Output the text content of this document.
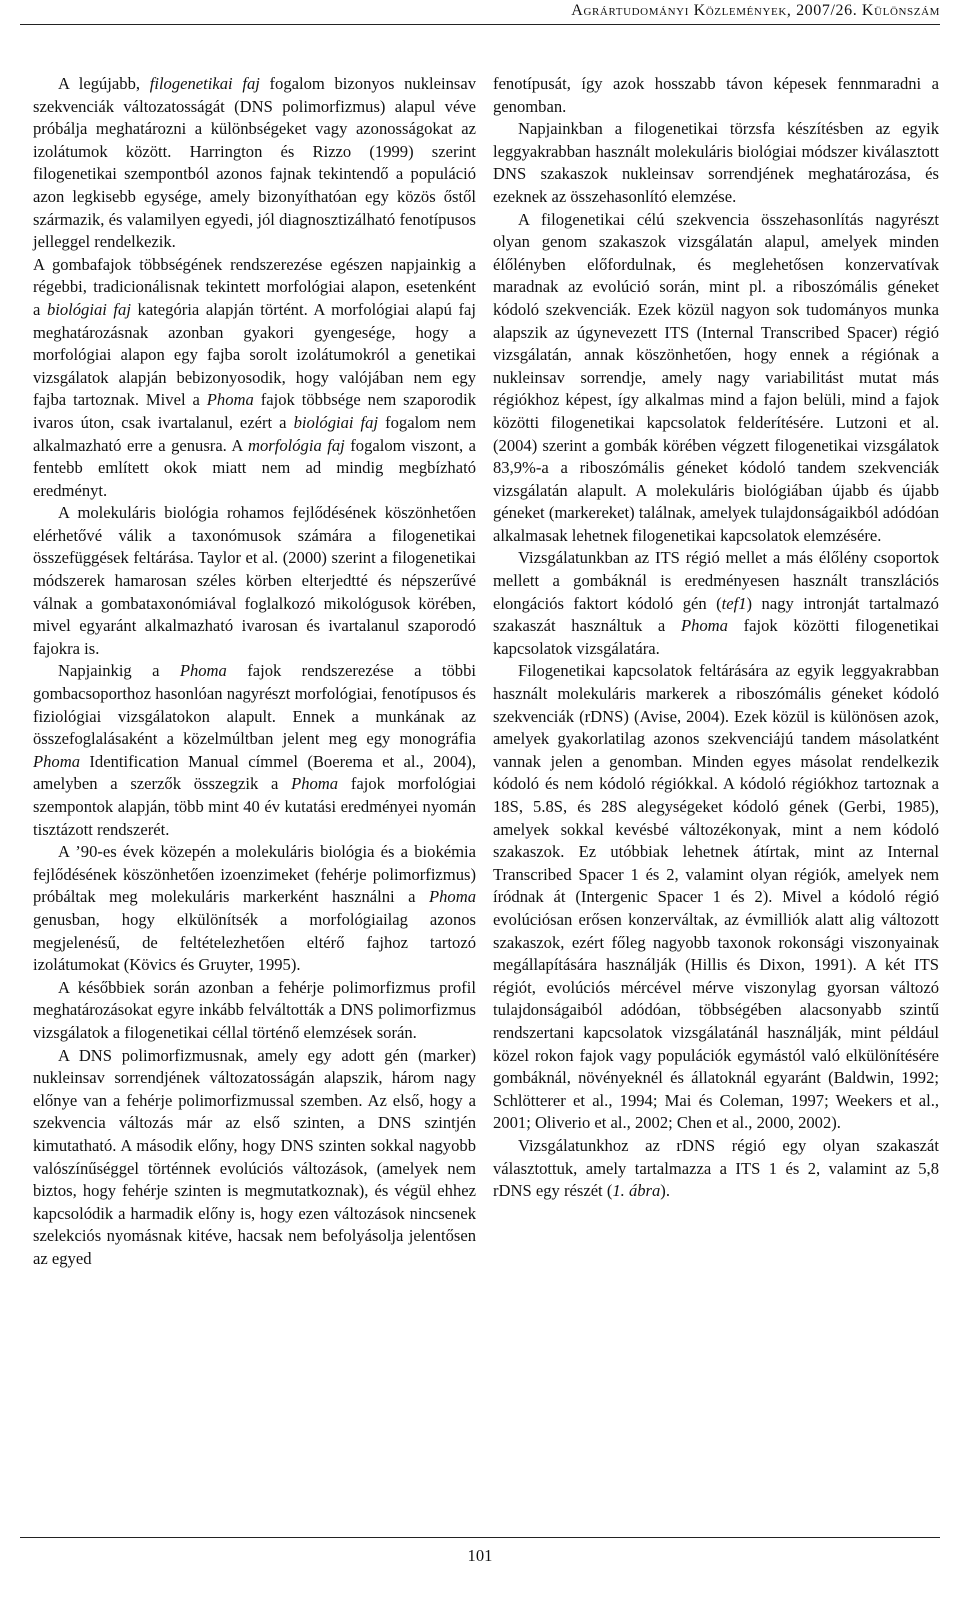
Agrártudományi Közlemények, 2007/26. Különszám

A legújabb, filogenetikai faj fogalom bizonyos nukleinsav szekvenciák változatosságát (DNS polimorfizmus) alapul véve próbálja meghatározni a különbségeket vagy azonosságokat az izolátumok között. Harrington és Rizzo (1999) szerint filogenetikai szempontból azonos fajnak tekintendő a populáció azon legkisebb egysége, amely bizonyíthatóan egy közös őstől származik, és valamilyen egyedi, jól diagnosztizálható fenotípusos jelleggel rendelkezik.

A gombafajok többségének rendszerezése egészen napjainkig a régebbi, tradicionálisnak tekintett morfológiai alapon, esetenként a biológiai faj kategória alapján történt. A morfológiai alapú faj meghatározásnak azonban gyakori gyengesége, hogy a morfológiai alapon egy fajba sorolt izolátumokról a genetikai vizsgálatok alapján bebizonyosodik, hogy valójában nem egy fajba tartoznak. Mivel a Phoma fajok többsége nem szaporodik ivaros úton, csak ivartalanul, ezért a biológiai faj fogalom nem alkalmazható erre a genusra. A morfológia faj fogalom viszont, a fentebb említett okok miatt nem ad mindig megbízható eredményt.

A molekuláris biológia rohamos fejlődésének köszönhetően elérhetővé válik a taxonómusok számára a filogenetikai összefüggések feltárása. Taylor et al. (2000) szerint a filogenetikai módszerek hamarosan széles körben elterjedtté és népszerűvé válnak a gombataxonómiával foglalkozó mikológusok körében, mivel egyaránt alkalmazható ivarosan és ivartalanul szaporodó fajokra is.

Napjainkig a Phoma fajok rendszerezése a többi gombacsoporthoz hasonlóan nagyrészt morfológiai, fenotípusos és fiziológiai vizsgálatokon alapult. Ennek a munkának az összefoglalásaként a közelmúltban jelent meg egy monográfia Phoma Identification Manual címmel (Boerema et al., 2004), amelyben a szerzők összegzik a Phoma fajok morfológiai szempontok alapján, több mint 40 év kutatási eredményei nyomán tisztázott rendszerét.

A ’90-es évek közepén a molekuláris biológia és a biokémia fejlődésének köszönhetően izoenzimeket (fehérje polimorfizmus) próbáltak meg molekuláris markerként használni a Phoma genusban, hogy elkülönítsék a morfológiailag azonos megjelenésű, de feltételezhetően eltérő fajhoz tartozó izolátumokat (Kövics és Gruyter, 1995).

A későbbiek során azonban a fehérje polimorfizmus profil meghatározásokat egyre inkább felváltották a DNS polimorfizmus vizsgálatok a filogenetikai céllal történő elemzések során.

A DNS polimorfizmusnak, amely egy adott gén (marker) nukleinsav sorrendjének változatosságán alapszik, három nagy előnye van a fehérje polimorfizmussal szemben. Az első, hogy a szekvencia változás már az első szinten, a DNS szintjén kimutatható. A második előny, hogy DNS szinten sokkal nagyobb valószínűséggel történnek evolúciós változások, (amelyek nem biztos, hogy fehérje szinten is megmutatkoznak), és végül ehhez kapcsolódik a harmadik előny is, hogy ezen változások nincsenek szelekciós nyomásnak kitéve, hacsak nem befolyásolja jelentősen az egyed

fenotípusát, így azok hosszabb távon képesek fennmaradni a genomban.

Napjainkban a filogenetikai törzsfa készítésben az egyik leggyakrabban használt molekuláris biológiai módszer kiválasztott DNS szakaszok nukleinsav sorrendjének meghatározása, és ezeknek az összehasonlító elemzése.

A filogenetikai célú szekvencia összehasonlítás nagyrészt olyan genom szakaszok vizsgálatán alapul, amelyek minden élőlényben előfordulnak, és meglehetősen konzervatívak maradnak az evolúció során, mint pl. a riboszómális géneket kódoló szekvenciák. Ezek közül nagyon sok tudományos munka alapszik az úgynevezett ITS (Internal Transcribed Spacer) régió vizsgálatán, annak köszönhetően, hogy ennek a régiónak a nukleinsav sorrendje, amely nagy variabilitást mutat más régiókhoz képest, így alkalmas mind a fajon belüli, mind a fajok közötti filogenetikai kapcsolatok felderítésére. Lutzoni et al. (2004) szerint a gombák körében végzett filogenetikai vizsgálatok 83,9%-a a riboszómális géneket kódoló tandem szekvenciák vizsgálatán alapult. A molekuláris biológiában újabb és újabb géneket (markereket) találnak, amelyek tulajdonságaikból adódóan alkalmasak lehetnek filogenetikai kapcsolatok elemzésére.

Vizsgálatunkban az ITS régió mellet a más élőlény csoportok mellett a gombáknál is eredményesen használt transzlációs elongációs faktort kódoló gén (tef1) nagy intronját tartalmazó szakaszát használtuk a Phoma fajok közötti filogenetikai kapcsolatok vizsgálatára.

Filogenetikai kapcsolatok feltárására az egyik leggyakrabban használt molekuláris markerek a riboszómális géneket kódoló szekvenciák (rDNS) (Avise, 2004). Ezek közül is különösen azok, amelyek gyakorlatilag azonos szekvenciájú tandem másolatként vannak jelen a genomban. Minden egyes másolat rendelkezik kódoló és nem kódoló régiókkal. A kódoló régiókhoz tartoznak a 18S, 5.8S, és 28S alegységeket kódoló gének (Gerbi, 1985), amelyek sokkal kevésbé változékonyak, mint a nem kódoló szakaszok. Ez utóbbiak lehetnek átírtak, mint az Internal Transcribed Spacer 1 és 2, valamint olyan régiók, amelyek nem íródnak át (Intergenic Spacer 1 és 2). Mivel a kódoló régió evolúciósan erősen konzerváltak, az évmilliók alatt alig változott szakaszok, ezért főleg nagyobb taxonok rokonsági viszonyainak megállapítására használják (Hillis és Dixon, 1991). A két ITS régiót, evolúciós mércével mérve viszonylag gyorsan változó tulajdonságaiból adódóan, többségében alacsonyabb szintű rendszertani kapcsolatok vizsgálatánál használják, mint például közel rokon fajok vagy populációk egymástól való elkülönítésére gombáknál, növényeknél és állatoknál egyaránt (Baldwin, 1992; Schlötterer et al., 1994; Mai és Coleman, 1997; Weekers et al., 2001; Oliverio et al., 2002; Chen et al., 2000, 2002).

Vizsgálatunkhoz az rDNS régió egy olyan szakaszát választottuk, amely tartalmazza a ITS 1 és 2, valamint az 5,8 rDNS egy részét (1. ábra).

101
